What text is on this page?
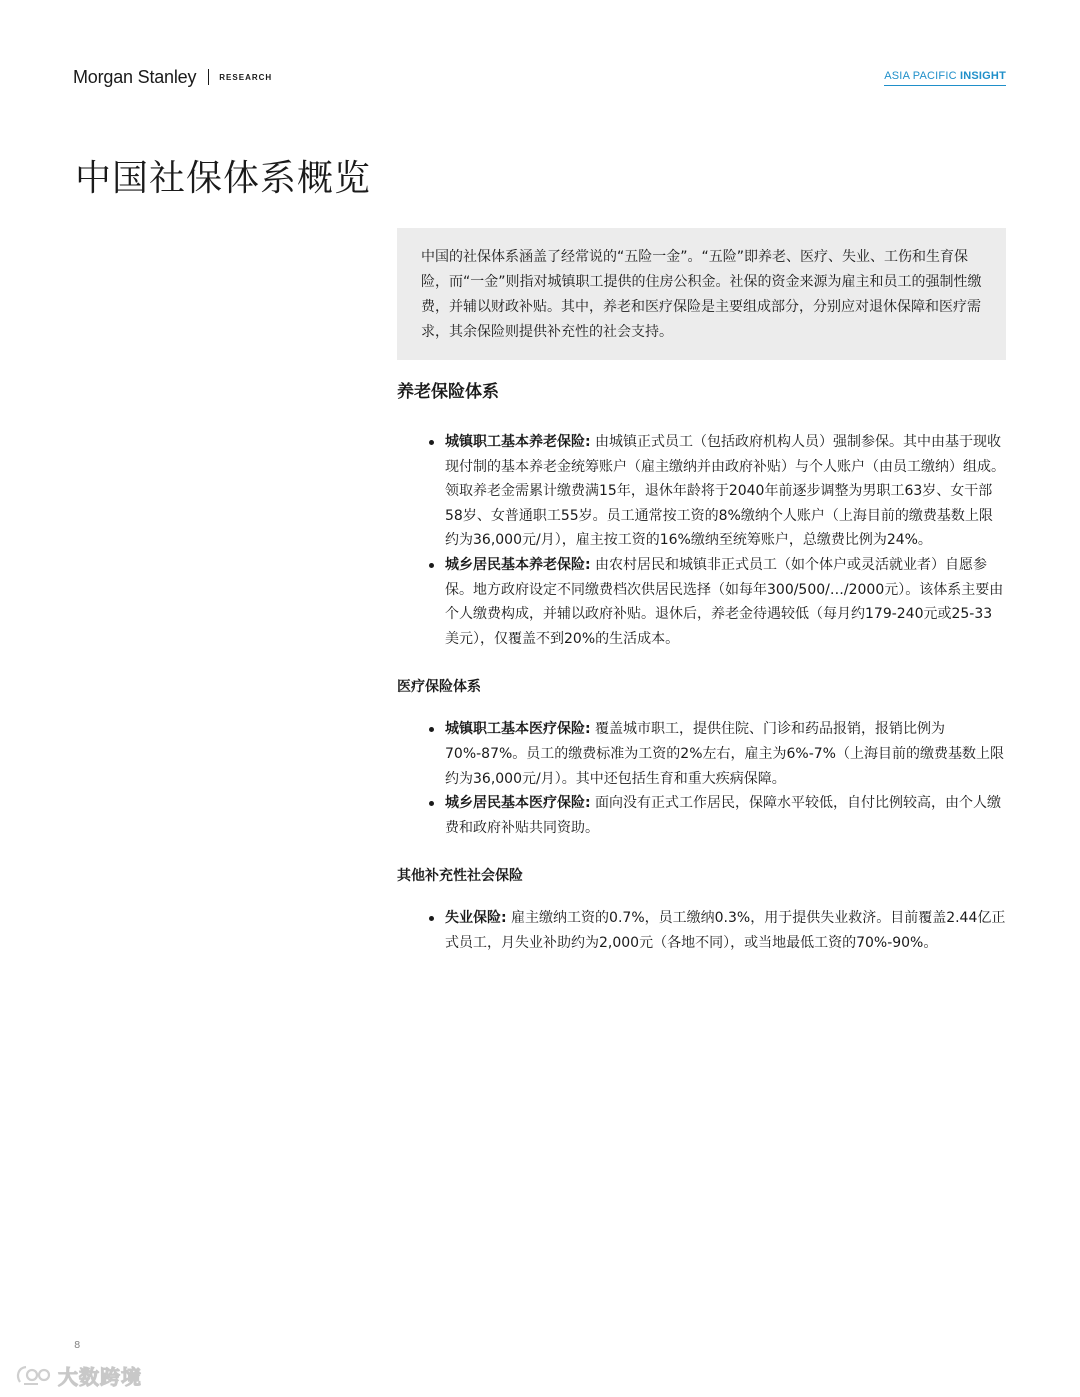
Morgan Stanley	RESEARCH	ASIA PACIFIC INSIGHT
中国社保体系概览
中国的社保体系涵盖了经常说的“五险一金”。“五险”即养老、医疗、失业、工伤和生育保险，而“一金”则指对城镇职工提供的住房公积金。社保的资金来源为雇主和员工的强制性缴费，并辅以财政补贴。其中，养老和医疗保险是主要组成部分，分别应对退休保障和医疗需求，其余保险则提供补充性的社会支持。
养老保险体系
城镇职工基本养老保险: 由城镇正式员工（包括政府机构人员）强制参保。其中由基于现收现付制的基本养老金统筹账户（雇主缴纳并由政府补贴）与个人账户（由员工缴纳）组成。领取养老金需累计缴费满15年，退休年龄将于2040年前逐步调整为男职工63岁、女干部58岁、女普通职工55岁。员工通常按工资的8%缴纳个人账户（上海目前的缴费基数上限约为36,000元/月），雇主按工资的16%缴纳至统筹账户，总缴费比例为24%。
城乡居民基本养老保险: 由农村居民和城镇非正式员工（如个体户或灵活就业者）自愿参保。地方政府设定不同缴费档次供居民选择（如每年300/500/…/2000元）。该体系主要由个人缴费构成，并辅以政府补贴。退休后，养老金待遇较低（每月约179-240元或25-33美元），仅覆盖不到20%的生活成本。
医疗保险体系
城镇职工基本医疗保险: 覆盖城市职工，提供住院、门诊和药品报销，报销比例为70%-87%。员工的缴费标准为工资的2%左右，雇主为6%-7%（上海目前的缴费基数上限约为36,000元/月）。其中还包括生育和重大疾病保障。
城乡居民基本医疗保险: 面向没有正式工作居民，保障水平较低，自付比例较高，由个人缴费和政府补贴共同资助。
其他补充性社会保险
失业保险: 雇主缴纳工资的0.7%，员工缴纳0.3%，用于提供失业救济。目前覆盖2.44亿正式员工，月失业补助约为2,000元（各地不同），或当地最低工资的70%-90%。
8
大数跨境
